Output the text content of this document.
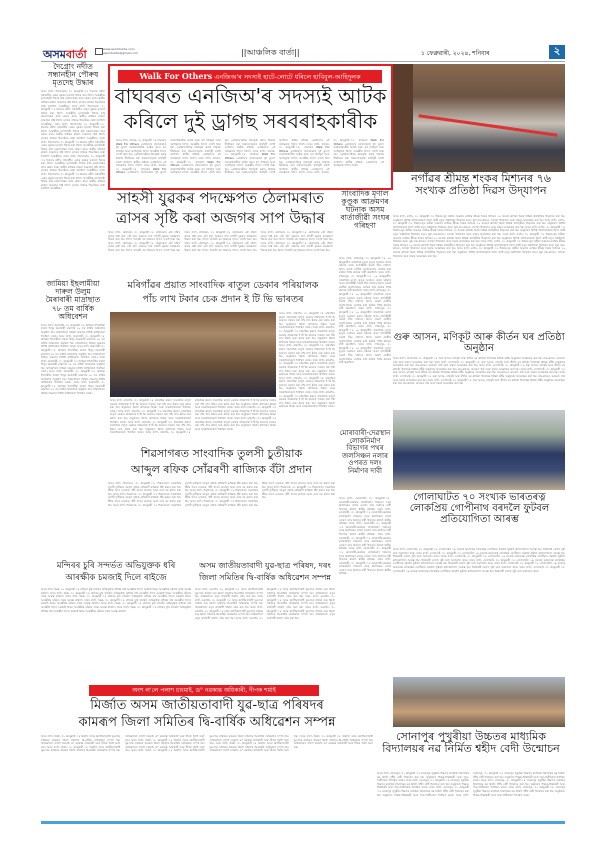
অসমবাৰ্তা	www.asombarta.com
asombarta@gmail.com	||আঞ্চলিক বাৰ্তা||	১ ফেব্ৰুৱাৰী, ২০২৪, শনিবাৰ	২
দৈগ্ৰোং নদীত সন্ধানহীন পৌৰুষ মৃতদেহ উদ্ধাৰ
অসম বাৰ্তা, উদালগুৰি, ৩১ জানুৱাৰী ঃ দৈগ্ৰোং নদীত সন্ধানহীন এজন যুৱকৰ মৃতদেহ উদ্ধাৰ কৰা হৈছে। আৰক্ষীয়ে মৃতদেহটো উদ্ধাৰ কৰি ময়নাতদন্তৰ বাবে প্ৰেৰণ কৰে। স্থানীয় ৰাইজৰ মাজত চাঞ্চল্যৰ সৃষ্টি হৈছে। মৃতকৰ পৰিচয় উদ্ঘাটনৰ চেষ্টা চলাইছে আৰক্ষীয়ে। অসম বাৰ্তা, উদালগুৰি, ৩১ জানুৱাৰী ঃ দৈগ্ৰোং নদীত সন্ধানহীন এজন যুৱকৰ মৃতদেহ উদ্ধাৰ কৰা হৈছে। আৰক্ষীয়ে মৃতদেহটো উদ্ধাৰ কৰি ময়নাতদন্তৰ বাবে প্ৰেৰণ কৰে। স্থানীয় ৰাইজৰ মাজত চাঞ্চল্যৰ সৃষ্টি হৈছে। মৃতকৰ পৰিচয় উদ্ঘাটনৰ চেষ্টা চলাইছে আৰক্ষীয়ে। অসম বাৰ্তা, উদালগুৰি, ৩১ জানুৱাৰী ঃ দৈগ্ৰোং নদীত সন্ধানহীন এজন যুৱকৰ মৃতদেহ উদ্ধাৰ কৰা হৈছে। আৰক্ষীয়ে মৃতদেহটো উদ্ধাৰ কৰি ময়নাতদন্তৰ বাবে প্ৰেৰণ কৰে। স্থানীয় ৰাইজৰ মাজত চাঞ্চল্যৰ সৃষ্টি হৈছে। মৃতকৰ পৰিচয় উদ্ঘাটনৰ চেষ্টা চলাইছে আৰক্ষীয়ে। অসম বাৰ্তা, উদালগুৰি, ৩১ জানুৱাৰী ঃ দৈগ্ৰোং নদীত সন্ধানহীন এজন যুৱকৰ মৃতদেহ উদ্ধাৰ কৰা হৈছে। আৰক্ষীয়ে মৃতদেহটো উদ্ধাৰ কৰি ময়নাতদন্তৰ বাবে প্ৰেৰণ কৰে। স্থানীয় ৰাইজৰ মাজত চাঞ্চল্যৰ সৃষ্টি হৈছে। মৃতকৰ পৰিচয় উদ্ঘাটনৰ চেষ্টা চলাইছে আৰক্ষীয়ে। অসম বাৰ্তা, উদালগুৰি, ৩১ জানুৱাৰী ঃ দৈগ্ৰোং নদীত সন্ধানহীন এজন যুৱকৰ মৃতদেহ উদ্ধাৰ কৰা হৈছে। আৰক্ষীয়ে মৃতদেহটো উদ্ধাৰ কৰি ময়নাতদন্তৰ বাবে প্ৰেৰণ কৰে। স্থানীয় ৰাইজৰ মাজত চাঞ্চল্যৰ সৃষ্টি হৈছে। মৃতকৰ পৰিচয় উদ্ঘাটনৰ চেষ্টা চলাইছে আৰক্ষীয়ে। অসম বাৰ্তা, উদালগুৰি, ৩১ জানুৱাৰী ঃ দৈগ্ৰোং নদীত সন্ধানহীন এজন যুৱকৰ মৃতদেহ উদ্ধাৰ কৰা হৈছে। আৰক্ষীয়ে মৃতদেহটো উদ্ধাৰ কৰি ময়নাতদন্তৰ বাবে প্ৰেৰণ কৰে। স্থানীয় ৰাইজৰ মাজত চাঞ্চল্যৰ সৃষ্টি হৈছে। মৃতকৰ পৰিচয় উদ্ঘাটনৰ চেষ্টা চলাইছে আৰক্ষীয়ে।
জামিয়া ইছলামীয়া দাৰুল উলুম মৈৰাবাৰী মাদ্ৰাছাত ৭৮ তম বাৰ্ষিক অধিবেশন
অসম বাৰ্তা, মৈৰাবাৰী, ৩১ জানুৱাৰী ঃ জামিয়া ইছলামীয়া দাৰুল উলুম মৈৰাবাৰী মাদ্ৰাছাৰ ৭৮ তম বাৰ্ষিক অধিবেশন অনুষ্ঠিত হয়। অধিবেশনত বিভিন্ন অঞ্চলৰ বিশিষ্ট ব্যক্তিসকল উপস্থিত থাকে। অসম বাৰ্তা, মৈৰাবাৰী, ৩১ জানুৱাৰী ঃ জামিয়া ইছলামীয়া দাৰুল উলুম মৈৰাবাৰী মাদ্ৰাছাৰ ৭৮ তম বাৰ্ষিক অধিবেশন অনুষ্ঠিত হয়। অধিবেশনত বিভিন্ন অঞ্চলৰ বিশিষ্ট ব্যক্তিসকল উপস্থিত থাকে। অসম বাৰ্তা, মৈৰাবাৰী, ৩১ জানুৱাৰী ঃ জামিয়া ইছলামীয়া দাৰুল উলুম মৈৰাবাৰী মাদ্ৰাছাৰ ৭৮ তম বাৰ্ষিক অধিবেশন অনুষ্ঠিত হয়। অধিবেশনত বিভিন্ন অঞ্চলৰ বিশিষ্ট ব্যক্তিসকল উপস্থিত থাকে। অসম বাৰ্তা, মৈৰাবাৰী, ৩১ জানুৱাৰী ঃ জামিয়া ইছলামীয়া দাৰুল উলুম মৈৰাবাৰী মাদ্ৰাছাৰ ৭৮ তম বাৰ্ষিক অধিবেশন অনুষ্ঠিত হয়। অধিবেশনত বিভিন্ন অঞ্চলৰ বিশিষ্ট ব্যক্তিসকল উপস্থিত থাকে। অসম বাৰ্তা, মৈৰাবাৰী, ৩১ জানুৱাৰী ঃ জামিয়া ইছলামীয়া দাৰুল উলুম মৈৰাবাৰী মাদ্ৰাছাৰ ৭৮ তম বাৰ্ষিক অধিবেশন অনুষ্ঠিত হয়। অধিবেশনত বিভিন্ন অঞ্চলৰ বিশিষ্ট ব্যক্তিসকল উপস্থিত থাকে। অসম বাৰ্তা, মৈৰাবাৰী, ৩১ জানুৱাৰী ঃ জামিয়া ইছলামীয়া দাৰুল উলুম মৈৰাবাৰী মাদ্ৰাছাৰ ৭৮ তম বাৰ্ষিক অধিবেশন অনুষ্ঠিত হয়। অধিবেশনত বিভিন্ন অঞ্চলৰ বিশিষ্ট ব্যক্তিসকল উপস্থিত থাকে।
Walk For Others এনজিঅ'ৰ সদস্যই হাটে-লোটে ধৰিলে হাবিবুল-আহিদুলক
বাঘবৰত এনজিঅ'ৰ সদস্যই আটক
কৰিলে দুই ড্ৰাগছ সৰবৰাহকাৰীক
অসম বাৰ্তা, বাঘবৰ, ৩১ জানুৱাৰী ঃ বাঘবৰত Walk For Others এনজিঅ'ৰ সদস্যসকলে দুই ড্ৰাগছ সৰবৰাহকাৰীক আটক কৰে। ধৃত হাবিবুল আৰু আহিদুলক পিছত আৰক্ষীৰ হাতত গতাই দিয়া হয়। এনজিঅ'টোৱে নিচাযুক্ত দ্ৰব্যৰ বিৰুদ্ধে দীৰ্ঘদিনৰ পৰা সজাগতামূলক কাৰ্যসূচী চলাই আহিছে। স্থানীয় ৰাইজে এনজিঅ'ৰ এই পদক্ষেপক শলাগ লৈছে। অসম বাৰ্তা, বাঘবৰ, ৩১ জানুৱাৰী ঃ বাঘবৰত Walk For Others এনজিঅ'ৰ সদস্যসকলে দুই ড্ৰাগছ সৰবৰাহকাৰীক আটক কৰে। ধৃত হাবিবুল আৰু আহিদুলক পিছত আৰক্ষীৰ হাতত গতাই দিয়া হয়। এনজিঅ'টোৱে নিচাযুক্ত দ্ৰব্যৰ বিৰুদ্ধে দীৰ্ঘদিনৰ পৰা সজাগতামূলক কাৰ্যসূচী চলাই আহিছে। স্থানীয় ৰাইজে এনজিঅ'ৰ এই পদক্ষেপক শলাগ লৈছে। অসম বাৰ্তা, বাঘবৰ, ৩১ জানুৱাৰী ঃ বাঘবৰত Walk For Others এনজিঅ'ৰ সদস্যসকলে দুই ড্ৰাগছ সৰবৰাহকাৰীক আটক কৰে। ধৃত হাবিবুল আৰু আহিদুলক পিছত আৰক্ষীৰ হাতত গতাই দিয়া হয়। এনজিঅ'টোৱে নিচাযুক্ত দ্ৰব্যৰ বিৰুদ্ধে দীৰ্ঘদিনৰ পৰা সজাগতামূলক কাৰ্যসূচী চলাই আহিছে। স্থানীয় ৰাইজে এনজিঅ'ৰ এই পদক্ষেপক শলাগ লৈছে। অসম বাৰ্তা, বাঘবৰ, ৩১ জানুৱাৰী ঃ বাঘবৰত Walk For Others এনজিঅ'ৰ সদস্যসকলে দুই ড্ৰাগছ সৰবৰাহকাৰীক আটক কৰে। ধৃত হাবিবুল আৰু আহিদুলক পিছত আৰক্ষীৰ হাতত গতাই দিয়া হয়। এনজিঅ'টোৱে নিচাযুক্ত দ্ৰব্যৰ বিৰুদ্ধে দীৰ্ঘদিনৰ পৰা সজাগতামূলক কাৰ্যসূচী চলাই আহিছে। স্থানীয় ৰাইজে এনজিঅ'ৰ এই পদক্ষেপক শলাগ লৈছে। অসম বাৰ্তা, বাঘবৰ, ৩১ জানুৱাৰী ঃ বাঘবৰত Walk For Others এনজিঅ'ৰ সদস্যসকলে দুই ড্ৰাগছ সৰবৰাহকাৰীক আটক কৰে। ধৃত হাবিবুল আৰু আহিদুলক পিছত আৰক্ষীৰ হাতত গতাই দিয়া হয়। এনজিঅ'টোৱে নিচাযুক্ত দ্ৰব্যৰ বিৰুদ্ধে দীৰ্ঘদিনৰ পৰা সজাগতামূলক কাৰ্যসূচী চলাই আহিছে। স্থানীয় ৰাইজে এনজিঅ'ৰ এই পদক্ষেপক শলাগ লৈছে। অসম বাৰ্তা, বাঘবৰ, ৩১ জানুৱাৰী ঃ বাঘবৰত Walk For Others এনজিঅ'ৰ সদস্যসকলে দুই ড্ৰাগছ সৰবৰাহকাৰীক আটক কৰে। ধৃত হাবিবুল আৰু আহিদুলক পিছত আৰক্ষীৰ হাতত গতাই দিয়া হয়। এনজিঅ'টোৱে নিচাযুক্ত দ্ৰব্যৰ বিৰুদ্ধে দীৰ্ঘদিনৰ পৰা সজাগতামূলক কাৰ্যসূচী চলাই আহিছে। স্থানীয় ৰাইজে এনজিঅ'ৰ এই পদক্ষেপক শলাগ লৈছে।
নগাঁৱৰ শ্ৰীমন্ত শংকৰ মিশ্যনৰ ৭৬ সংখ্যক প্ৰতিষ্ঠা দিৱস উদ্‌যাপন
অসম বাৰ্তা, নগাঁও, ৩১ জানুৱাৰী ঃ উজান-পুৰ সত্ৰীয়া অঞ্চলৰ নগাঁৱৰ শ্ৰীমন্ত শংকৰ মিশ্যনৰ ৭৬ সংখ্যক প্ৰতিষ্ঠা দিৱস বিভিন্ন কাৰ্যসূচীৰে উদ্‌যাপন কৰা হয়। অনুষ্ঠানত বিশিষ্ট অতিথিসকলে ফিতা কাটি নতুন অট্টালিকা উদ্বোধন কৰে। পুৱা নাম-প্ৰসংগ, পতাকা উত্তোলন আৰু সভাৰ আয়োজন কৰা হয়। অসম বাৰ্তা, নগাঁও, ৩১ জানুৱাৰী ঃ উজান-পুৰ সত্ৰীয়া অঞ্চলৰ নগাঁৱৰ শ্ৰীমন্ত শংকৰ মিশ্যনৰ ৭৬ সংখ্যক প্ৰতিষ্ঠা দিৱস বিভিন্ন কাৰ্যসূচীৰে উদ্‌যাপন কৰা হয়। অনুষ্ঠানত বিশিষ্ট অতিথিসকলে ফিতা কাটি নতুন অট্টালিকা উদ্বোধন কৰে। পুৱা নাম-প্ৰসংগ, পতাকা উত্তোলন আৰু সভাৰ আয়োজন কৰা হয়। অসম বাৰ্তা, নগাঁও, ৩১ জানুৱাৰী ঃ উজান-পুৰ সত্ৰীয়া অঞ্চলৰ নগাঁৱৰ শ্ৰীমন্ত শংকৰ মিশ্যনৰ ৭৬ সংখ্যক প্ৰতিষ্ঠা দিৱস বিভিন্ন কাৰ্যসূচীৰে উদ্‌যাপন কৰা হয়। অনুষ্ঠানত বিশিষ্ট অতিথিসকলে ফিতা কাটি নতুন অট্টালিকা উদ্বোধন কৰে। পুৱা নাম-প্ৰসংগ, পতাকা উত্তোলন আৰু সভাৰ আয়োজন কৰা হয়। অসম বাৰ্তা, নগাঁও, ৩১ জানুৱাৰী ঃ উজান-পুৰ সত্ৰীয়া অঞ্চলৰ নগাঁৱৰ শ্ৰীমন্ত শংকৰ মিশ্যনৰ ৭৬ সংখ্যক প্ৰতিষ্ঠা দিৱস বিভিন্ন কাৰ্যসূচীৰে উদ্‌যাপন কৰা হয়। অনুষ্ঠানত বিশিষ্ট অতিথিসকলে ফিতা কাটি নতুন অট্টালিকা উদ্বোধন কৰে। পুৱা নাম-প্ৰসংগ, পতাকা উত্তোলন আৰু সভাৰ আয়োজন কৰা হয়। অসম বাৰ্তা, নগাঁও, ৩১ জানুৱাৰী ঃ উজান-পুৰ সত্ৰীয়া অঞ্চলৰ নগাঁৱৰ শ্ৰীমন্ত শংকৰ মিশ্যনৰ ৭৬ সংখ্যক প্ৰতিষ্ঠা দিৱস বিভিন্ন কাৰ্যসূচীৰে উদ্‌যাপন কৰা হয়। অনুষ্ঠানত বিশিষ্ট অতিথিসকলে ফিতা কাটি নতুন অট্টালিকা উদ্বোধন কৰে। পুৱা নাম-প্ৰসংগ, পতাকা উত্তোলন আৰু সভাৰ আয়োজন কৰা হয়। অসম বাৰ্তা, নগাঁও, ৩১ জানুৱাৰী ঃ উজান-পুৰ সত্ৰীয়া অঞ্চলৰ নগাঁৱৰ শ্ৰীমন্ত শংকৰ মিশ্যনৰ ৭৬ সংখ্যক প্ৰতিষ্ঠা দিৱস বিভিন্ন কাৰ্যসূচীৰে উদ্‌যাপন কৰা হয়। অনুষ্ঠানত বিশিষ্ট অতিথিসকলে ফিতা কাটি নতুন অট্টালিকা উদ্বোধন কৰে। পুৱা নাম-প্ৰসংগ, পতাকা উত্তোলন আৰু সভাৰ আয়োজন কৰা হয়।
সাহসী যুৱকৰ পদক্ষেপত ঠেলামৰাত
ত্ৰাসৰ সৃষ্টি কৰা অজগৰ সাপ উদ্ধাৰ
অসম বাৰ্তা, ঠেলামৰা, ৩১ জানুৱাৰী ঃ ঠেলামৰাৰ এটা গাঁৱত ত্ৰাসৰ সৃষ্টি কৰা এটা বৃহৎ অজগৰ সাপ সাহসী যুৱকৰ পদক্ষেপত উদ্ধাৰ কৰা হয়। পিছত সাপটো বন বিভাগৰ হাতত গতাই দিয়া হয়। অসম বাৰ্তা, ঠেলামৰা, ৩১ জানুৱাৰী ঃ ঠেলামৰাৰ এটা গাঁৱত ত্ৰাসৰ সৃষ্টি কৰা এটা বৃহৎ অজগৰ সাপ সাহসী যুৱকৰ পদক্ষেপত উদ্ধাৰ কৰা হয়। পিছত সাপটো বন বিভাগৰ হাতত গতাই দিয়া হয়। অসম বাৰ্তা, ঠেলামৰা, ৩১ জানুৱাৰী ঃ ঠেলামৰাৰ এটা গাঁৱত ত্ৰাসৰ সৃষ্টি কৰা এটা বৃহৎ অজগৰ সাপ সাহসী যুৱকৰ পদক্ষেপত উদ্ধাৰ কৰা হয়। পিছত সাপটো বন বিভাগৰ হাতত গতাই দিয়া হয়। অসম বাৰ্তা, ঠেলামৰা, ৩১ জানুৱাৰী ঃ ঠেলামৰাৰ এটা গাঁৱত ত্ৰাসৰ সৃষ্টি কৰা এটা বৃহৎ অজগৰ সাপ সাহসী যুৱকৰ পদক্ষেপত উদ্ধাৰ কৰা হয়। পিছত সাপটো বন বিভাগৰ হাতত গতাই দিয়া হয়। অসম বাৰ্তা, ঠেলামৰা, ৩১ জানুৱাৰী ঃ ঠেলামৰাৰ এটা গাঁৱত ত্ৰাসৰ সৃষ্টি কৰা এটা বৃহৎ অজগৰ সাপ সাহসী যুৱকৰ পদক্ষেপত উদ্ধাৰ কৰা হয়। পিছত সাপটো বন বিভাগৰ হাতত গতাই দিয়া হয়। অসম বাৰ্তা, ঠেলামৰা, ৩১ জানুৱাৰী ঃ ঠেলামৰাৰ এটা গাঁৱত ত্ৰাসৰ সৃষ্টি কৰা এটা বৃহৎ অজগৰ সাপ সাহসী যুৱকৰ পদক্ষেপত উদ্ধাৰ কৰা হয়। পিছত সাপটো বন বিভাগৰ হাতত গতাই দিয়া হয়।
সাংবাদিক মৃণাল কুণ্ডুক আক্ৰমণৰ ঘটনাক অসম বাৰ্তাজীৱী সংঘৰ গৰিহণা
অসম বাৰ্তা, লখিমপুৰ, ৩১ জানুৱাৰী ঃ ২৯ জানুৱাৰীত সাংবাদিক মৃণাল কুণ্ডুক আক্ৰমণ কৰাৰ ঘটনাক অসম বাৰ্তাজীৱী সংঘই তীব্ৰ গৰিহণা দিছে। সংঘই দোষীক অনতিপলমে গ্ৰেপ্তাৰ কৰি কঠোৰ শাস্তি প্ৰদানৰ দাবী জনাইছে। অসম বাৰ্তা, লখিমপুৰ, ৩১ জানুৱাৰী ঃ ২৯ জানুৱাৰীত সাংবাদিক মৃণাল কুণ্ডুক আক্ৰমণ কৰাৰ ঘটনাক অসম বাৰ্তাজীৱী সংঘই তীব্ৰ গৰিহণা দিছে। সংঘই দোষীক অনতিপলমে গ্ৰেপ্তাৰ কৰি কঠোৰ শাস্তি প্ৰদানৰ দাবী জনাইছে। অসম বাৰ্তা, লখিমপুৰ, ৩১ জানুৱাৰী ঃ ২৯ জানুৱাৰীত সাংবাদিক মৃণাল কুণ্ডুক আক্ৰমণ কৰাৰ ঘটনাক অসম বাৰ্তাজীৱী সংঘই তীব্ৰ গৰিহণা দিছে। সংঘই দোষীক অনতিপলমে গ্ৰেপ্তাৰ কৰি কঠোৰ শাস্তি প্ৰদানৰ দাবী জনাইছে। অসম বাৰ্তা, লখিমপুৰ, ৩১ জানুৱাৰী ঃ ২৯ জানুৱাৰীত সাংবাদিক মৃণাল কুণ্ডুক আক্ৰমণ কৰাৰ ঘটনাক অসম বাৰ্তাজীৱী সংঘই তীব্ৰ গৰিহণা দিছে। সংঘই দোষীক অনতিপলমে গ্ৰেপ্তাৰ কৰি কঠোৰ শাস্তি প্ৰদানৰ দাবী জনাইছে। অসম বাৰ্তা, লখিমপুৰ, ৩১ জানুৱাৰী ঃ ২৯ জানুৱাৰীত সাংবাদিক মৃণাল কুণ্ডুক আক্ৰমণ কৰাৰ ঘটনাক অসম বাৰ্তাজীৱী সংঘই তীব্ৰ গৰিহণা দিছে। সংঘই দোষীক অনতিপলমে গ্ৰেপ্তাৰ কৰি কঠোৰ শাস্তি প্ৰদানৰ দাবী জনাইছে। অসম বাৰ্তা, লখিমপুৰ, ৩১ জানুৱাৰী ঃ ২৯ জানুৱাৰীত সাংবাদিক মৃণাল কুণ্ডুক আক্ৰমণ কৰাৰ ঘটনাক অসম বাৰ্তাজীৱী সংঘই তীব্ৰ গৰিহণা দিছে। সংঘই দোষীক অনতিপলমে গ্ৰেপ্তাৰ কৰি কঠোৰ শাস্তি প্ৰদানৰ দাবী জনাইছে।
মৰিগাঁৱৰ প্ৰয়াত সাংবাদিক ৰাতুল ডেকাৰ পৰিয়ালক
পাঁচ লাখ টকাৰ চেক প্ৰদান ই টি ভি ভাৰতৰ
অসম বাৰ্তা, মৰিগাঁও, ৩১ জানুৱাৰী ঃ মৰিগাঁৱৰ প্ৰয়াত সাংবাদিক ৰাতুল ডেকাৰ পৰিয়ালক ই টি ভি ভাৰতৰ তৰফৰ পৰা পাঁচ লাখ টকাৰ চেক প্ৰদান কৰা হয়। অনুষ্ঠানত জিলা প্ৰশাসনৰ বিষয়া আৰু সাংবাদিকসকল উপস্থিত থাকে। অসম বাৰ্তা, মৰিগাঁও, ৩১ জানুৱাৰী ঃ মৰিগাঁৱৰ প্ৰয়াত সাংবাদিক ৰাতুল ডেকাৰ পৰিয়ালক ই টি ভি ভাৰতৰ তৰফৰ পৰা পাঁচ লাখ টকাৰ চেক প্ৰদান কৰা হয়। অনুষ্ঠানত জিলা প্ৰশাসনৰ বিষয়া আৰু সাংবাদিকসকল উপস্থিত থাকে। অসম বাৰ্তা, মৰিগাঁও, ৩১ জানুৱাৰী ঃ মৰিগাঁৱৰ প্ৰয়াত সাংবাদিক ৰাতুল ডেকাৰ পৰিয়ালক ই টি ভি ভাৰতৰ তৰফৰ পৰা পাঁচ লাখ টকাৰ চেক প্ৰদান কৰা হয়। অনুষ্ঠানত জিলা প্ৰশাসনৰ বিষয়া আৰু সাংবাদিকসকল উপস্থিত থাকে। অসম বাৰ্তা, মৰিগাঁও, ৩১ জানুৱাৰী ঃ মৰিগাঁৱৰ প্ৰয়াত সাংবাদিক ৰাতুল ডেকাৰ পৰিয়ালক ই টি ভি ভাৰতৰ তৰফৰ পৰা পাঁচ লাখ টকাৰ চেক প্ৰদান কৰা হয়। অনুষ্ঠানত জিলা প্ৰশাসনৰ বিষয়া আৰু সাংবাদিকসকল উপস্থিত থাকে। অসম বাৰ্তা, মৰিগাঁও, ৩১ জানুৱাৰী ঃ মৰিগাঁৱৰ প্ৰয়াত সাংবাদিক ৰাতুল ডেকাৰ পৰিয়ালক ই টি ভি ভাৰতৰ তৰফৰ পৰা পাঁচ লাখ টকাৰ চেক প্ৰদান কৰা হয়। অনুষ্ঠানত জিলা প্ৰশাসনৰ বিষয়া আৰু সাংবাদিকসকল উপস্থিত থাকে। অসম বাৰ্তা, মৰিগাঁও, ৩১ জানুৱাৰী ঃ মৰিগাঁৱৰ প্ৰয়াত সাংবাদিক ৰাতুল ডেকাৰ পৰিয়ালক ই টি ভি ভাৰতৰ তৰফৰ পৰা পাঁচ লাখ টকাৰ চেক প্ৰদান কৰা হয়। অনুষ্ঠানত জিলা প্ৰশাসনৰ বিষয়া আৰু সাংবাদিকসকল উপস্থিত থাকে।
অসম বাৰ্তা, মৰিগাঁও, ৩১ জানুৱাৰী ঃ মৰিগাঁৱৰ প্ৰয়াত সাংবাদিক ৰাতুল ডেকাৰ পৰিয়ালক ই টি ভি ভাৰতৰ তৰফৰ পৰা পাঁচ লাখ টকাৰ চেক প্ৰদান কৰা হয়। অনুষ্ঠানত জিলা প্ৰশাসনৰ বিষয়া আৰু সাংবাদিকসকল উপস্থিত থাকে। অসম বাৰ্তা, মৰিগাঁও, ৩১ জানুৱাৰী ঃ মৰিগাঁৱৰ প্ৰয়াত সাংবাদিক ৰাতুল ডেকাৰ পৰিয়ালক ই টি ভি ভাৰতৰ তৰফৰ পৰা পাঁচ লাখ টকাৰ চেক প্ৰদান কৰা হয়। অনুষ্ঠানত জিলা প্ৰশাসনৰ বিষয়া আৰু সাংবাদিকসকল উপস্থিত থাকে। অসম বাৰ্তা, মৰিগাঁও, ৩১ জানুৱাৰী ঃ মৰিগাঁৱৰ প্ৰয়াত সাংবাদিক ৰাতুল ডেকাৰ পৰিয়ালক ই টি ভি ভাৰতৰ তৰফৰ পৰা পাঁচ লাখ টকাৰ চেক প্ৰদান কৰা হয়। অনুষ্ঠানত জিলা প্ৰশাসনৰ বিষয়া আৰু সাংবাদিকসকল উপস্থিত থাকে। অসম বাৰ্তা, মৰিগাঁও, ৩১ জানুৱাৰী ঃ মৰিগাঁৱৰ প্ৰয়াত সাংবাদিক ৰাতুল ডেকাৰ পৰিয়ালক ই টি ভি ভাৰতৰ তৰফৰ পৰা পাঁচ লাখ টকাৰ চেক প্ৰদান কৰা হয়। অনুষ্ঠানত জিলা প্ৰশাসনৰ বিষয়া আৰু সাংবাদিকসকল উপস্থিত থাকে। অসম বাৰ্তা, মৰিগাঁও, ৩১ জানুৱাৰী ঃ মৰিগাঁৱৰ প্ৰয়াত সাংবাদিক ৰাতুল ডেকাৰ পৰিয়ালক ই টি ভি ভাৰতৰ তৰফৰ পৰা পাঁচ লাখ টকাৰ চেক প্ৰদান কৰা হয়। অনুষ্ঠানত জিলা প্ৰশাসনৰ বিষয়া আৰু সাংবাদিকসকল উপস্থিত থাকে। অসম বাৰ্তা, মৰিগাঁও, ৩১ জানুৱাৰী ঃ মৰিগাঁৱৰ প্ৰয়াত সাংবাদিক ৰাতুল ডেকাৰ পৰিয়ালক ই টি ভি ভাৰতৰ তৰফৰ পৰা পাঁচ লাখ টকাৰ চেক প্ৰদান কৰা হয়। অনুষ্ঠানত জিলা প্ৰশাসনৰ বিষয়া আৰু সাংবাদিকসকল উপস্থিত থাকে।
গুৰু আসন, মণিকূট আৰু কীৰ্তন ঘৰ প্ৰতিষ্ঠা অনুষ্ঠান
অসম বাৰ্তা, গোলাঘাট, ৩১ জানুৱাৰী ঃ গুৰু আসন, মণিকূট আৰু কীৰ্তন ঘৰ প্ৰতিষ্ঠা উপলক্ষে বিভিন্ন ধৰ্মীয় অনুষ্ঠানৰ আয়োজন কৰা হয়। নাম-প্ৰসংগ, ভাগৱত পাঠ আৰু সভাৰ আয়োজন কৰা হয়। অসম বাৰ্তা, গোলাঘাট, ৩১ জানুৱাৰী ঃ গুৰু আসন, মণিকূট আৰু কীৰ্তন ঘৰ প্ৰতিষ্ঠা উপলক্ষে বিভিন্ন ধৰ্মীয় অনুষ্ঠানৰ আয়োজন কৰা হয়। নাম-প্ৰসংগ, ভাগৱত পাঠ আৰু সভাৰ আয়োজন কৰা হয়। অসম বাৰ্তা, গোলাঘাট, ৩১ জানুৱাৰী ঃ গুৰু আসন, মণিকূট আৰু কীৰ্তন ঘৰ প্ৰতিষ্ঠা উপলক্ষে বিভিন্ন ধৰ্মীয় অনুষ্ঠানৰ আয়োজন কৰা হয়। নাম-প্ৰসংগ, ভাগৱত পাঠ আৰু সভাৰ আয়োজন কৰা হয়। অসম বাৰ্তা, গোলাঘাট, ৩১ জানুৱাৰী ঃ গুৰু আসন, মণিকূট আৰু কীৰ্তন ঘৰ প্ৰতিষ্ঠা উপলক্ষে বিভিন্ন ধৰ্মীয় অনুষ্ঠানৰ আয়োজন কৰা হয়। নাম-প্ৰসংগ, ভাগৱত পাঠ আৰু সভাৰ আয়োজন কৰা হয়। অসম বাৰ্তা, গোলাঘাট, ৩১ জানুৱাৰী ঃ গুৰু আসন, মণিকূট আৰু কীৰ্তন ঘৰ প্ৰতিষ্ঠা উপলক্ষে বিভিন্ন ধৰ্মীয় অনুষ্ঠানৰ আয়োজন কৰা হয়। নাম-প্ৰসংগ, ভাগৱত পাঠ আৰু সভাৰ আয়োজন কৰা হয়। অসম বাৰ্তা, গোলাঘাট, ৩১ জানুৱাৰী ঃ গুৰু আসন, মণিকূট আৰু কীৰ্তন ঘৰ প্ৰতিষ্ঠা উপলক্ষে বিভিন্ন ধৰ্মীয় অনুষ্ঠানৰ আয়োজন কৰা হয়। নাম-প্ৰসংগ, ভাগৱত পাঠ আৰু সভাৰ আয়োজন কৰা হয়।
গোলাঘাটত ৭০ সংখ্যক ভাৰতৰত্ন লোকপ্ৰিয় গোপীনাথ বৰদলৈ ফুটবল প্ৰতিযোগিতা আৰম্ভ
অসম বাৰ্তা, গোলাঘাট, ৩১ জানুৱাৰী ঃ গোলাঘাটত ৭০ সংখ্যক ভাৰতৰত্ন লোকপ্ৰিয় গোপীনাথ বৰদলৈ ফুটবল প্ৰতিযোগিতা আৰম্ভ হয়। উদ্বোধনী খেলত দুটা দলে অংশগ্ৰহণ কৰে। অসম বাৰ্তা, গোলাঘাট, ৩১ জানুৱাৰী ঃ গোলাঘাটত ৭০ সংখ্যক ভাৰতৰত্ন লোকপ্ৰিয় গোপীনাথ বৰদলৈ ফুটবল প্ৰতিযোগিতা আৰম্ভ হয়। উদ্বোধনী খেলত দুটা দলে অংশগ্ৰহণ কৰে। অসম বাৰ্তা, গোলাঘাট, ৩১ জানুৱাৰী ঃ গোলাঘাটত ৭০ সংখ্যক ভাৰতৰত্ন লোকপ্ৰিয় গোপীনাথ বৰদলৈ ফুটবল প্ৰতিযোগিতা আৰম্ভ হয়। উদ্বোধনী খেলত দুটা দলে অংশগ্ৰহণ কৰে। অসম বাৰ্তা, গোলাঘাট, ৩১ জানুৱাৰী ঃ গোলাঘাটত ৭০ সংখ্যক ভাৰতৰত্ন লোকপ্ৰিয় গোপীনাথ বৰদলৈ ফুটবল প্ৰতিযোগিতা আৰম্ভ হয়। উদ্বোধনী খেলত দুটা দলে অংশগ্ৰহণ কৰে। অসম বাৰ্তা, গোলাঘাট, ৩১ জানুৱাৰী ঃ গোলাঘাটত ৭০ সংখ্যক ভাৰতৰত্ন লোকপ্ৰিয় গোপীনাথ বৰদলৈ ফুটবল প্ৰতিযোগিতা আৰম্ভ হয়। উদ্বোধনী খেলত দুটা দলে অংশগ্ৰহণ কৰে। অসম বাৰ্তা, গোলাঘাট, ৩১ জানুৱাৰী ঃ গোলাঘাটত ৭০ সংখ্যক ভাৰতৰত্ন লোকপ্ৰিয় গোপীনাথ বৰদলৈ ফুটবল প্ৰতিযোগিতা আৰম্ভ হয়। উদ্বোধনী খেলত দুটা দলে অংশগ্ৰহণ কৰে।
শিৱসাগৰত সাংবাদিক তুলসী চুতীয়াক
আব্দুল ৰফিক সোঁৱৰণী ৰাজ্যিক বঁটা প্ৰদান
অসম বাৰ্তা, শিৱসাগৰ, ৩১ জানুৱাৰী ঃ শিৱসাগৰত সাংবাদিক তুলসী চুতীয়াক আব্দুল ৰফিক সোঁৱৰণী ৰাজ্যিক বঁটা প্ৰদান কৰা হয়। বঁটাৰ লগত মানপত্ৰ, সঁচী পাতৰ মানপত্ৰ আৰু নগদ ধন প্ৰদান কৰা হয়। অসম বাৰ্তা, শিৱসাগৰ, ৩১ জানুৱাৰী ঃ শিৱসাগৰত সাংবাদিক তুলসী চুতীয়াক আব্দুল ৰফিক সোঁৱৰণী ৰাজ্যিক বঁটা প্ৰদান কৰা হয়। বঁটাৰ লগত মানপত্ৰ, সঁচী পাতৰ মানপত্ৰ আৰু নগদ ধন প্ৰদান কৰা হয়। অসম বাৰ্তা, শিৱসাগৰ, ৩১ জানুৱাৰী ঃ শিৱসাগৰত সাংবাদিক তুলসী চুতীয়াক আব্দুল ৰফিক সোঁৱৰণী ৰাজ্যিক বঁটা প্ৰদান কৰা হয়। বঁটাৰ লগত মানপত্ৰ, সঁচী পাতৰ মানপত্ৰ আৰু নগদ ধন প্ৰদান কৰা হয়। অসম বাৰ্তা, শিৱসাগৰ, ৩১ জানুৱাৰী ঃ শিৱসাগৰত সাংবাদিক তুলসী চুতীয়াক আব্দুল ৰফিক সোঁৱৰণী ৰাজ্যিক বঁটা প্ৰদান কৰা হয়। বঁটাৰ লগত মানপত্ৰ, সঁচী পাতৰ মানপত্ৰ আৰু নগদ ধন প্ৰদান কৰা হয়। অসম বাৰ্তা, শিৱসাগৰ, ৩১ জানুৱাৰী ঃ শিৱসাগৰত সাংবাদিক তুলসী চুতীয়াক আব্দুল ৰফিক সোঁৱৰণী ৰাজ্যিক বঁটা প্ৰদান কৰা হয়। বঁটাৰ লগত মানপত্ৰ, সঁচী পাতৰ মানপত্ৰ আৰু নগদ ধন প্ৰদান কৰা হয়। অসম বাৰ্তা, শিৱসাগৰ, ৩১ জানুৱাৰী ঃ শিৱসাগৰত সাংবাদিক তুলসী চুতীয়াক আব্দুল ৰফিক সোঁৱৰণী ৰাজ্যিক বঁটা প্ৰদান কৰা হয়। বঁটাৰ লগত মানপত্ৰ, সঁচী পাতৰ মানপত্ৰ আৰু নগদ ধন প্ৰদান কৰা হয়।
মোৰাবাৰী-দেৱস্থান লোকনিৰ্মাণ বিভাগৰ পথৰ জলসিঞ্চন নলাৰ ওপৰত দলং নিৰ্মাণৰ দাবী
অসম বাৰ্তা, মোৰাবাৰী, ৩১ জানুৱাৰী ঃ মোৰাবাৰী-দেৱস্থান লোকনিৰ্মাণ বিভাগৰ পথৰ জলসিঞ্চন নলাৰ ওপৰত দলং নিৰ্মাণৰ দাবী উত্থাপন কৰিছে স্থানীয় ৰাইজে। অসম বাৰ্তা, মোৰাবাৰী, ৩১ জানুৱাৰী ঃ মোৰাবাৰী-দেৱস্থান লোকনিৰ্মাণ বিভাগৰ পথৰ জলসিঞ্চন নলাৰ ওপৰত দলং নিৰ্মাণৰ দাবী উত্থাপন কৰিছে স্থানীয় ৰাইজে। অসম বাৰ্তা, মোৰাবাৰী, ৩১ জানুৱাৰী ঃ মোৰাবাৰী-দেৱস্থান লোকনিৰ্মাণ বিভাগৰ পথৰ জলসিঞ্চন নলাৰ ওপৰত দলং নিৰ্মাণৰ দাবী উত্থাপন কৰিছে স্থানীয় ৰাইজে। অসম বাৰ্তা, মোৰাবাৰী, ৩১ জানুৱাৰী ঃ মোৰাবাৰী-দেৱস্থান লোকনিৰ্মাণ বিভাগৰ পথৰ জলসিঞ্চন নলাৰ ওপৰত দলং নিৰ্মাণৰ দাবী উত্থাপন কৰিছে স্থানীয় ৰাইজে। অসম বাৰ্তা, মোৰাবাৰী, ৩১ জানুৱাৰী ঃ মোৰাবাৰী-দেৱস্থান লোকনিৰ্মাণ বিভাগৰ পথৰ জলসিঞ্চন নলাৰ ওপৰত দলং নিৰ্মাণৰ দাবী উত্থাপন কৰিছে স্থানীয় ৰাইজে। অসম বাৰ্তা, মোৰাবাৰী, ৩১ জানুৱাৰী ঃ মোৰাবাৰী-দেৱস্থান লোকনিৰ্মাণ বিভাগৰ পথৰ জলসিঞ্চন নলাৰ ওপৰত দলং নিৰ্মাণৰ দাবী উত্থাপন কৰিছে স্থানীয় ৰাইজে।
মন্দিৰৰ চুৰি সন্দৰ্ভত অভিযুক্তক ধৰি
আৰক্ষীক চমজাই দিলে ৰাইজে
অসম বাৰ্তা, ডিব্ৰু, ৩১ জানুৱাৰী ঃ মন্দিৰৰ চুৰি সন্দৰ্ভত অভিযুক্তক ৰাইজে ধৰি আৰক্ষীৰ হাতত চমজাই দিয়ে। আৰক্ষীয়ে ঘটনাৰ তদন্ত আৰম্ভ কৰিছে। অসম বাৰ্তা, ডিব্ৰু, ৩১ জানুৱাৰী ঃ মন্দিৰৰ চুৰি সন্দৰ্ভত অভিযুক্তক ৰাইজে ধৰি আৰক্ষীৰ হাতত চমজাই দিয়ে। আৰক্ষীয়ে ঘটনাৰ তদন্ত আৰম্ভ কৰিছে। অসম বাৰ্তা, ডিব্ৰু, ৩১ জানুৱাৰী ঃ মন্দিৰৰ চুৰি সন্দৰ্ভত অভিযুক্তক ৰাইজে ধৰি আৰক্ষীৰ হাতত চমজাই দিয়ে। আৰক্ষীয়ে ঘটনাৰ তদন্ত আৰম্ভ কৰিছে। অসম বাৰ্তা, ডিব্ৰু, ৩১ জানুৱাৰী ঃ মন্দিৰৰ চুৰি সন্দৰ্ভত অভিযুক্তক ৰাইজে ধৰি আৰক্ষীৰ হাতত চমজাই দিয়ে। আৰক্ষীয়ে ঘটনাৰ তদন্ত আৰম্ভ কৰিছে। অসম বাৰ্তা, ডিব্ৰু, ৩১ জানুৱাৰী ঃ মন্দিৰৰ চুৰি সন্দৰ্ভত অভিযুক্তক ৰাইজে ধৰি আৰক্ষীৰ হাতত চমজাই দিয়ে। আৰক্ষীয়ে ঘটনাৰ তদন্ত আৰম্ভ কৰিছে। অসম বাৰ্তা, ডিব্ৰু, ৩১ জানুৱাৰী ঃ মন্দিৰৰ চুৰি সন্দৰ্ভত অভিযুক্তক ৰাইজে ধৰি আৰক্ষীৰ হাতত চমজাই দিয়ে। আৰক্ষীয়ে ঘটনাৰ তদন্ত আৰম্ভ কৰিছে।
অসম জাতীয়তাবাদী যুৱ-ছাত্ৰ পৰিষদ, দৰং
জিলা সমিতিৰ দ্বি-বাৰ্ষিক অধিৱেশন সম্পন্ন
অসম বাৰ্তা, মঙলদৈ, ৩১ জানুৱাৰী ঃ অসম জাতীয়তাবাদী যুৱ-ছাত্ৰ পৰিষদ দৰং জিলা সমিতিৰ দ্বি-বাৰ্ষিক অধিৱেশন সম্পন্ন হয়। অধিৱেশনত নতুন কাৰ্যবাহী সমিতি গঠন কৰা হয়। অসম বাৰ্তা, মঙলদৈ, ৩১ জানুৱাৰী ঃ অসম জাতীয়তাবাদী যুৱ-ছাত্ৰ পৰিষদ দৰং জিলা সমিতিৰ দ্বি-বাৰ্ষিক অধিৱেশন সম্পন্ন হয়। অধিৱেশনত নতুন কাৰ্যবাহী সমিতি গঠন কৰা হয়। অসম বাৰ্তা, মঙলদৈ, ৩১ জানুৱাৰী ঃ অসম জাতীয়তাবাদী যুৱ-ছাত্ৰ পৰিষদ দৰং জিলা সমিতিৰ দ্বি-বাৰ্ষিক অধিৱেশন সম্পন্ন হয়। অধিৱেশনত নতুন কাৰ্যবাহী সমিতি গঠন কৰা হয়। অসম বাৰ্তা, মঙলদৈ, ৩১ জানুৱাৰী ঃ অসম জাতীয়তাবাদী যুৱ-ছাত্ৰ পৰিষদ দৰং জিলা সমিতিৰ দ্বি-বাৰ্ষিক অধিৱেশন সম্পন্ন হয়। অধিৱেশনত নতুন কাৰ্যবাহী সমিতি গঠন কৰা হয়। অসম বাৰ্তা, মঙলদৈ, ৩১ জানুৱাৰী ঃ অসম জাতীয়তাবাদী যুৱ-ছাত্ৰ পৰিষদ দৰং জিলা সমিতিৰ দ্বি-বাৰ্ষিক অধিৱেশন সম্পন্ন হয়। অধিৱেশনত নতুন কাৰ্যবাহী সমিতি গঠন কৰা হয়। অসম বাৰ্তা, মঙলদৈ, ৩১ জানুৱাৰী ঃ অসম জাতীয়তাবাদী যুৱ-ছাত্ৰ পৰিষদ দৰং জিলা সমিতিৰ দ্বি-বাৰ্ষিক অধিৱেশন সম্পন্ন হয়। অধিৱেশনত নতুন কাৰ্যবাহী সমিতি গঠন কৰা হয়।
অংশ ল'লে পলাশ চাংমাই, ড° নৱকান্ত অধিকাৰী, দীপক শৰ্মাই
মিৰ্জাত অসম জাতীয়তাবাদী যুৱ-ছাত্ৰ পৰিষদৰ
কামৰূপ জিলা সমিতিৰ দ্বি-বাৰ্ষিক অধিৱেশন সম্পন্ন
অসম বাৰ্তা, মিৰ্জা, ৩১ জানুৱাৰী ঃ মিৰ্জাত অসম জাতীয়তাবাদী যুৱ-ছাত্ৰ পৰিষদৰ কামৰূপ জিলা সমিতিৰ দ্বি-বাৰ্ষিক অধিৱেশন সম্পন্ন হয়। অধিৱেশনত পলাশ চাংমাই, ড° নৱকান্ত অধিকাৰী আৰু দীপক শৰ্মাই অংশ লয়। অসম বাৰ্তা, মিৰ্জা, ৩১ জানুৱাৰী ঃ মিৰ্জাত অসম জাতীয়তাবাদী যুৱ-ছাত্ৰ পৰিষদৰ কামৰূপ জিলা সমিতিৰ দ্বি-বাৰ্ষিক অধিৱেশন সম্পন্ন হয়। অধিৱেশনত পলাশ চাংমাই, ড° নৱকান্ত অধিকাৰী আৰু দীপক শৰ্মাই অংশ লয়। অসম বাৰ্তা, মিৰ্জা, ৩১ জানুৱাৰী ঃ মিৰ্জাত অসম জাতীয়তাবাদী যুৱ-ছাত্ৰ পৰিষদৰ কামৰূপ জিলা সমিতিৰ দ্বি-বাৰ্ষিক অধিৱেশন সম্পন্ন হয়। অধিৱেশনত পলাশ চাংমাই, ড° নৱকান্ত অধিকাৰী আৰু দীপক শৰ্মাই অংশ লয়। অসম বাৰ্তা, মিৰ্জা, ৩১ জানুৱাৰী ঃ মিৰ্জাত অসম জাতীয়তাবাদী যুৱ-ছাত্ৰ পৰিষদৰ কামৰূপ জিলা সমিতিৰ দ্বি-বাৰ্ষিক অধিৱেশন সম্পন্ন হয়। অধিৱেশনত পলাশ চাংমাই, ড° নৱকান্ত অধিকাৰী আৰু দীপক শৰ্মাই অংশ লয়। অসম বাৰ্তা, মিৰ্জা, ৩১ জানুৱাৰী ঃ মিৰ্জাত অসম জাতীয়তাবাদী যুৱ-ছাত্ৰ পৰিষদৰ কামৰূপ জিলা সমিতিৰ দ্বি-বাৰ্ষিক অধিৱেশন সম্পন্ন হয়। অধিৱেশনত পলাশ চাংমাই, ড° নৱকান্ত অধিকাৰী আৰু দীপক শৰ্মাই অংশ লয়। অসম বাৰ্তা, মিৰ্জা, ৩১ জানুৱাৰী ঃ মিৰ্জাত অসম জাতীয়তাবাদী যুৱ-ছাত্ৰ পৰিষদৰ কামৰূপ জিলা সমিতিৰ দ্বি-বাৰ্ষিক অধিৱেশন সম্পন্ন হয়। অধিৱেশনত পলাশ চাংমাই, ড° নৱকান্ত অধিকাৰী আৰু দীপক শৰ্মাই অংশ লয়।
সোনাপুৰ পুখুৰীয়া উচ্চতৰ মাধ্যমিক বিদ্যালয়ৰ নৱ নিৰ্মিত শ্বহীদ বেদী উন্মোচন
অসম বাৰ্তা, সোনাপুৰ, ৩১ জানুৱাৰী ঃ সোনাপুৰ পুখুৰীয়া উচ্চতৰ মাধ্যমিক বিদ্যালয়ৰ নৱ নিৰ্মিত শ্বহীদ বেদী উন্মোচন কৰা হয়। অনুষ্ঠানত শিক্ষক-শিক্ষয়িত্ৰী আৰু ছাত্ৰ-ছাত্ৰীসকল উপস্থিত থাকে। অসম বাৰ্তা, সোনাপুৰ, ৩১ জানুৱাৰী ঃ সোনাপুৰ পুখুৰীয়া উচ্চতৰ মাধ্যমিক বিদ্যালয়ৰ নৱ নিৰ্মিত শ্বহীদ বেদী উন্মোচন কৰা হয়। অনুষ্ঠানত শিক্ষক-শিক্ষয়িত্ৰী আৰু ছাত্ৰ-ছাত্ৰীসকল উপস্থিত থাকে। অসম বাৰ্তা, সোনাপুৰ, ৩১ জানুৱাৰী ঃ সোনাপুৰ পুখুৰীয়া উচ্চতৰ মাধ্যমিক বিদ্যালয়ৰ নৱ নিৰ্মিত শ্বহীদ বেদী উন্মোচন কৰা হয়। অনুষ্ঠানত শিক্ষক-শিক্ষয়িত্ৰী আৰু ছাত্ৰ-ছাত্ৰীসকল উপস্থিত থাকে। অসম বাৰ্তা, সোনাপুৰ, ৩১ জানুৱাৰী ঃ সোনাপুৰ পুখুৰীয়া উচ্চতৰ মাধ্যমিক বিদ্যালয়ৰ নৱ নিৰ্মিত শ্বহীদ বেদী উন্মোচন কৰা হয়। অনুষ্ঠানত শিক্ষক-শিক্ষয়িত্ৰী আৰু ছাত্ৰ-ছাত্ৰীসকল উপস্থিত থাকে। অসম বাৰ্তা, সোনাপুৰ, ৩১ জানুৱাৰী ঃ সোনাপুৰ পুখুৰীয়া উচ্চতৰ মাধ্যমিক বিদ্যালয়ৰ নৱ নিৰ্মিত শ্বহীদ বেদী উন্মোচন কৰা হয়। অনুষ্ঠানত শিক্ষক-শিক্ষয়িত্ৰী আৰু ছাত্ৰ-ছাত্ৰীসকল উপস্থিত থাকে। অসম বাৰ্তা, সোনাপুৰ, ৩১ জানুৱাৰী ঃ সোনাপুৰ পুখুৰীয়া উচ্চতৰ মাধ্যমিক বিদ্যালয়ৰ নৱ নিৰ্মিত শ্বহীদ বেদী উন্মোচন কৰা হয়। অনুষ্ঠানত শিক্ষক-শিক্ষয়িত্ৰী আৰু ছাত্ৰ-ছাত্ৰীসকল উপস্থিত থাকে।
